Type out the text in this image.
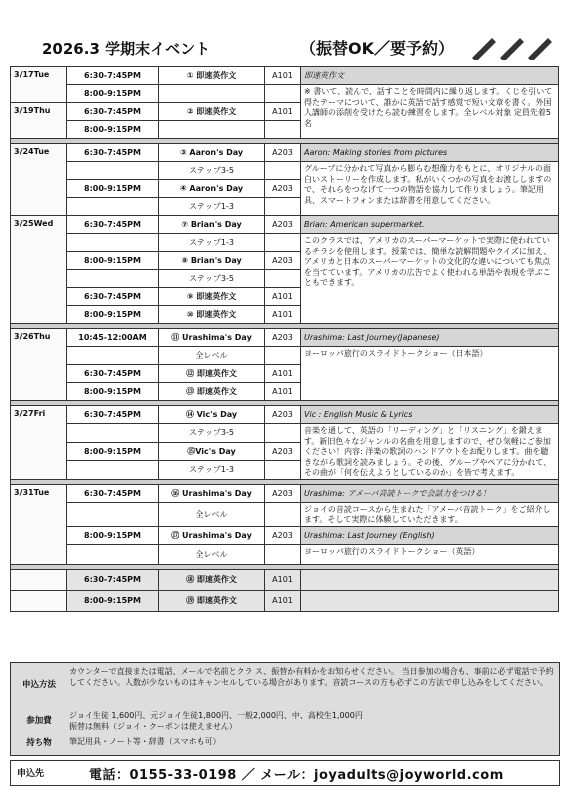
2026.3 学期末イベント	（振替OK／要予約）
3/17Tue	6:30-7:45PM	① 即速英作文	A101	即速英作文
	8:00-9:15PM			※ 書いて、読んで、話すことを時間内に繰り返します。くじを引いて得たテーマについて、誰かに英語で話す感覚で短い文章を書く。外国人講師の添削を受けたら読む練習をします。全レベル対象 定員先着5名
3/19Thu	6:30-7:45PM	② 即速英作文	A101	
	8:00-9:15PM			

3/24Tue	6:30-7:45PM	③ Aaron's Day	A203	Aaron: Making stories from pictures
		ステップ3-5		グループに分かれて写真から膨らむ想像力をもとに、オリジナルの面白いストーリーを作成します。私がいくつかの写真をお渡ししますので、それらをつなげて一つの物語を協力して作りましょう。筆記用具、スマートフォンまたは辞書を用意してください。
	8:00-9:15PM	④ Aaron's Day	A203	
		ステップ1-3		
3/25Wed	6:30-7:45PM	⑦ Brian's Day	A203	Brian: American supermarket.
		ステップ1-3		このクラスでは、アメリカのスーパーマーケットで実際に使われているチラシを使用します。授業では、簡単な読解問題やクイズに加え、アメリカと日本のスーパーマーケットの文化的な違いについても焦点を当てています。アメリカの広告でよく使われる単語や表現を学ぶこともできます。
	8:00-9:15PM	⑧ Brian's Day	A203	
		ステップ3-5		
	6:30-7:45PM	⑨ 即速英作文	A101	
	8:00-9:15PM	⑩ 即速英作文	A101	

3/26Thu	10:45-12:00AM	⑪ Urashima's Day	A203	Urashima: Last Journey(Japanese)
		全レベル		ヨーロッパ旅行のスライドトークショー（日本語）
	6:30-7:45PM	⑫ 即速英作文	A101	
	8:00-9:15PM	⑬ 即速英作文	A101	

3/27Fri	6:30-7:45PM	⑭ Vic's Day	A203	Vic : English Music & Lyrics
		ステップ3-5		音楽を通して、英語の「リーディング」と「リスニング」を鍛えます。新旧色々なジャンルの名曲を用意しますので、ぜひ気軽にご参加ください！内容: 洋楽の歌詞のハンドアウトをお配りします。曲を聴きながら歌詞を読みましょう。その後、グループやペアに分かれて、その曲が「何を伝えようとしているのか」を皆で考えます。
	8:00-9:15PM	⑮Vic's Day	A203	
		ステップ1-3		

3/31Tue	6:30-7:45PM	⑯ Urashima's Day	A203	Urashima: アメーバ音読トークで会話力をつける！
		全レベル		ジョイの音読コースから生まれた「アメーバ音読トーク」をご紹介します。そして実際に体験していただきます。
	8:00-9:15PM	⑰ Urashima's Day	A203	Urashima: Last Journey (English)
		全レベル		ヨーロッパ旅行のスライドトークショー（英語）

	6:30-7:45PM	⑱ 即速英作文	A101	
	8:00-9:15PM	⑲ 即速英作文	A101	
申込方法
カウンターで直接または電話、メールで名前とクラ ス、振替か有料かをお知らせください。 当日参加の場合も、事前に必ず電話で予約してください。人数が少ないものはキャンセルしている場合があります。音読コースの方も必ずこの方法で申し込みをしてください。
参加費
ジョイ生徒 1,600円、元ジョイ生徒1,800円、一般2,000円、中、高校生1,000円
振替は無料（ジョイ・クーポンは使えません）
持ち物	筆記用具・ノート等・辞書（スマホも可）
申込先	電話：0155-33-0198 ／ メール：joyadults@joyworld.com
